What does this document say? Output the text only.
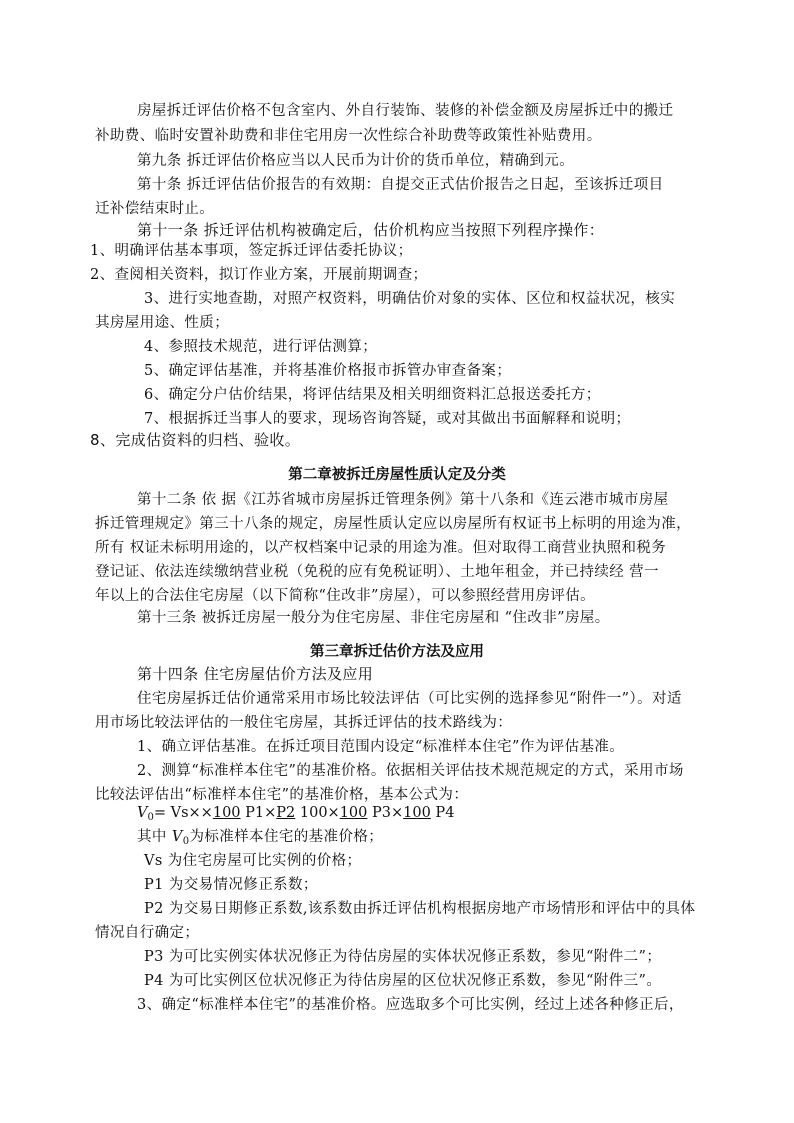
房屋拆迁评估价格不包含室内、外自行装饰、装修的补偿金额及房屋拆迁中的搬迁
补助费、临时安置补助费和非住宅用房一次性综合补助费等政策性补贴费用。
第九条 拆迁评估价格应当以人民币为计价的货币单位，精确到元。
第十条 拆迁评估估价报告的有效期：自提交正式估价报告之日起，至该拆迁项目
迁补偿结束时止。
第十一条 拆迁评估机构被确定后，估价机构应当按照下列程序操作：
1、明确评估基本事项，签定拆迁评估委托协议；
2、查阅相关资料，拟订作业方案，开展前期调查；
3、进行实地查勘，对照产权资料，明确估价对象的实体、区位和权益状况，核实
其房屋用途、性质；
4、参照技术规范，进行评估测算；
5、确定评估基准，并将基准价格报市拆管办审查备案；
6、确定分户估价结果，将评估结果及相关明细资料汇总报送委托方；
7、根据拆迁当事人的要求，现场咨询答疑，或对其做出书面解释和说明；
8、完成估资料的归档、验收。
第二章被拆迁房屋性质认定及分类
第十二条 依 据《江苏省城市房屋拆迁管理条例》第十八条和《连云港市城市房屋
拆迁管理规定》第三十八条的规定，房屋性质认定应以房屋所有权证书上标明的用途为准，
所有 权证未标明用途的，以产权档案中记录的用途为准。但对取得工商营业执照和税务
登记证、依法连续缴纳营业税（免税的应有免税证明）、土地年租金，并已持续经 营一
年以上的合法住宅房屋（以下简称“住改非”房屋），可以参照经营用房评估。
第十三条 被拆迁房屋一般分为住宅房屋、非住宅房屋和 “住改非”房屋。
第三章拆迁估价方法及应用
第十四条 住宅房屋估价方法及应用
住宅房屋拆迁估价通常采用市场比较法评估（可比实例的选择参见“附件一”）。对适
用市场比较法评估的一般住宅房屋，其拆迁评估的技术路线为：
1、确立评估基准。在拆迁项目范围内设定“标准样本住宅”作为评估基准。
2、测算“标准样本住宅”的基准价格。依据相关评估技术规范规定的方式，采用市场
比较法评估出“标准样本住宅”的基准价格，基本公式为：
$V_0= Vs\times\times 100$ P1×P2 100×100 P3×100 P4
其中 $V_0$为标准样本住宅的基准价格；
Vs 为住宅房屋可比实例的价格；
P1 为交易情况修正系数；
P2 为交易日期修正系数,该系数由拆迁评估机构根据房地产市场情形和评估中的具体
情况自行确定；
P3 为可比实例实体状况修正为待估房屋的实体状况修正系数，参见“附件二”；
P4 为可比实例区位状况修正为待估房屋的区位状况修正系数，参见“附件三”。
3、确定“标准样本住宅”的基准价格。应选取多个可比实例，经过上述各种修正后，
